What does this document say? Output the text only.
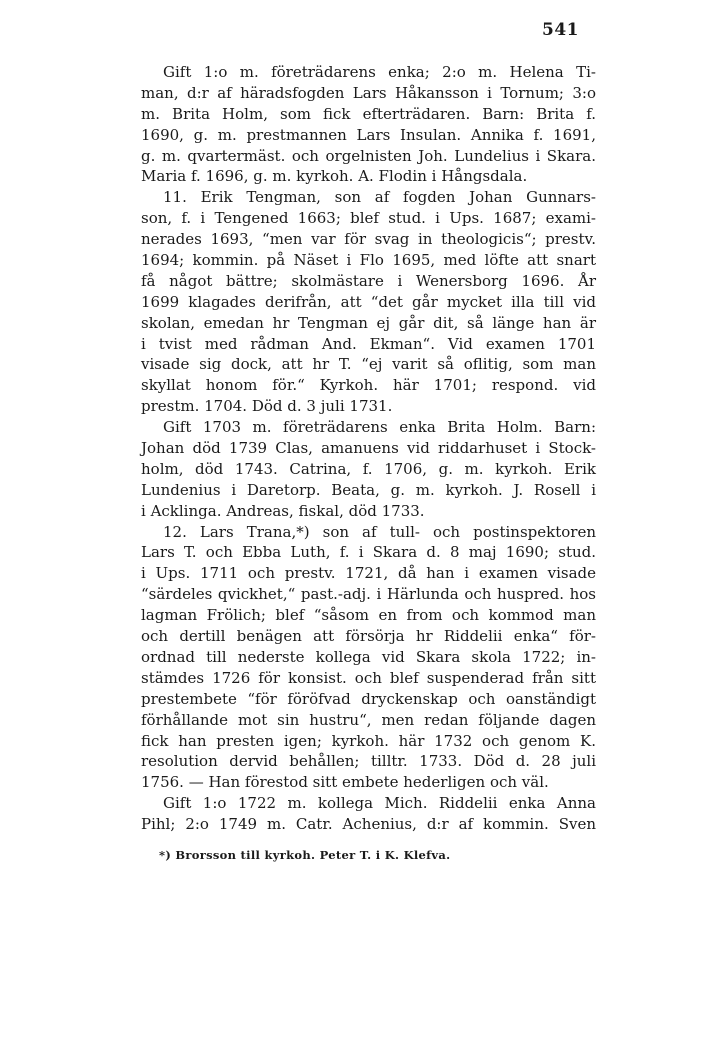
541
Gift 1:o m. företrädarens enka; 2:o m. Helena Ti-
man, d:r af häradsfogden Lars Håkansson i Tornum; 3:o
m. Brita Holm, som fick efterträdaren. Barn: Brita f.
1690, g. m. prestmannen Lars Insulan. Annika f. 1691,
g. m. qvartermäst. och orgelnisten Joh. Lundelius i Skara.
Maria f. 1696, g. m. kyrkoh. A. Flodin i Hångsdala.
11. Erik Tengman, son af fogden Johan Gunnars-
son, f. i Tengened 1663; blef stud. i Ups. 1687; exami-
nerades 1693, “men var för svag in theologicis“; prestv.
1694; kommin. på Näset i Flo 1695, med löfte att snart
få något bättre; skolmästare i Wenersborg 1696. År
1699 klagades derifrån, att “det går mycket illa till vid
skolan, emedan hr Tengman ej går dit, så länge han är
i tvist med rådman And. Ekman“. Vid examen 1701
visade sig dock, att hr T. “ej varit så oflitig, som man
skyllat honom för.“ Kyrkoh. här 1701; respond. vid
prestm. 1704. Död d. 3 juli 1731.
Gift 1703 m. företrädarens enka Brita Holm. Barn:
Johan död 1739 Clas, amanuens vid riddarhuset i Stock-
holm, död 1743. Catrina, f. 1706, g. m. kyrkoh. Erik
Lundenius i Daretorp. Beata, g. m. kyrkoh. J. Rosell i
i Acklinga. Andreas, fiskal, död 1733.
12. Lars Trana,*) son af tull- och postinspektoren
Lars T. och Ebba Luth, f. i Skara d. 8 maj 1690; stud.
i Ups. 1711 och prestv. 1721, då han i examen visade
“särdeles qvickhet,“ past.-adj. i Härlunda och huspred. hos
lagman Frölich; blef “såsom en from och kommod man
och dertill benägen att försörja hr Riddelii enka“ för-
ordnad till nederste kollega vid Skara skola 1722; in-
stämdes 1726 för konsist. och blef suspenderad från sitt
prestembete “för föröfvad dryckenskap och oanständigt
förhållande mot sin hustru“, men redan följande dagen
fick han presten igen; kyrkoh. här 1732 och genom K.
resolution dervid behållen; tilltr. 1733. Död d. 28 juli
1756. — Han förestod sitt embete hederligen och väl.
Gift 1:o 1722 m. kollega Mich. Riddelii enka Anna
Pihl; 2:o 1749 m. Catr. Achenius, d:r af kommin. Sven
*) Brorsson till kyrkoh. Peter T. i K. Klefva.
